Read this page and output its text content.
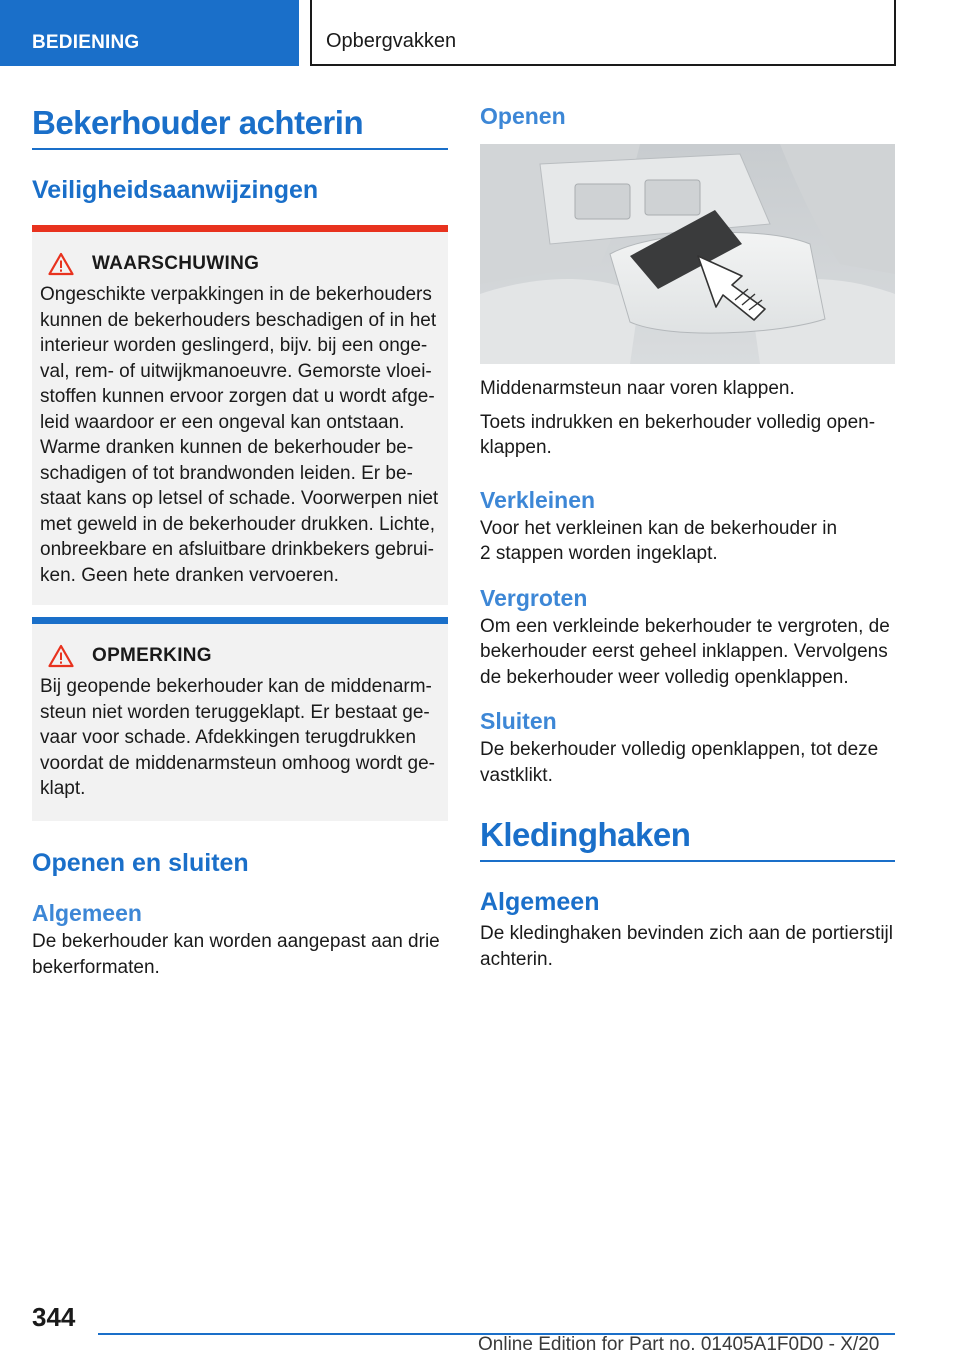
BEDIENING	Opbergvakken
Bekerhouder achterin
Veiligheidsaanwijzingen
WAARSCHUWING
Ongeschikte verpakkingen in de bekerhouders
kunnen de bekerhouders beschadigen of in het
interieur worden geslingerd, bijv. bij een onge-
val, rem- of uitwijkmanoeuvre. Gemorste vloei-
stoffen kunnen ervoor zorgen dat u wordt afge-
leid waardoor er een ongeval kan ontstaan.
Warme dranken kunnen de bekerhouder be-
schadigen of tot brandwonden leiden. Er be-
staat kans op letsel of schade. Voorwerpen niet
met geweld in de bekerhouder drukken. Lichte,
onbreekbare en afsluitbare drinkbekers gebrui-
ken. Geen hete dranken vervoeren.
OPMERKING
Bij geopende bekerhouder kan de middenarm-
steun niet worden teruggeklapt. Er bestaat ge-
vaar voor schade. Afdekkingen terugdrukken
voordat de middenarmsteun omhoog wordt ge-
klapt.
Openen en sluiten
Algemeen
De bekerhouder kan worden aangepast aan drie
bekerformaten.
Openen
Middenarmsteun naar voren klappen.
Toets indrukken en bekerhouder volledig open-
klappen.
Verkleinen
Voor het verkleinen kan de bekerhouder in
2 stappen worden ingeklapt.
Vergroten
Om een verkleinde bekerhouder te vergroten, de
bekerhouder eerst geheel inklappen. Vervolgens
de bekerhouder weer volledig openklappen.
Sluiten
De bekerhouder volledig openklappen, tot deze
vastklikt.
Kledinghaken
Algemeen
De kledinghaken bevinden zich aan de portierstijl
achterin.
344
Online Edition for Part no. 01405A1F0D0 - X/20
